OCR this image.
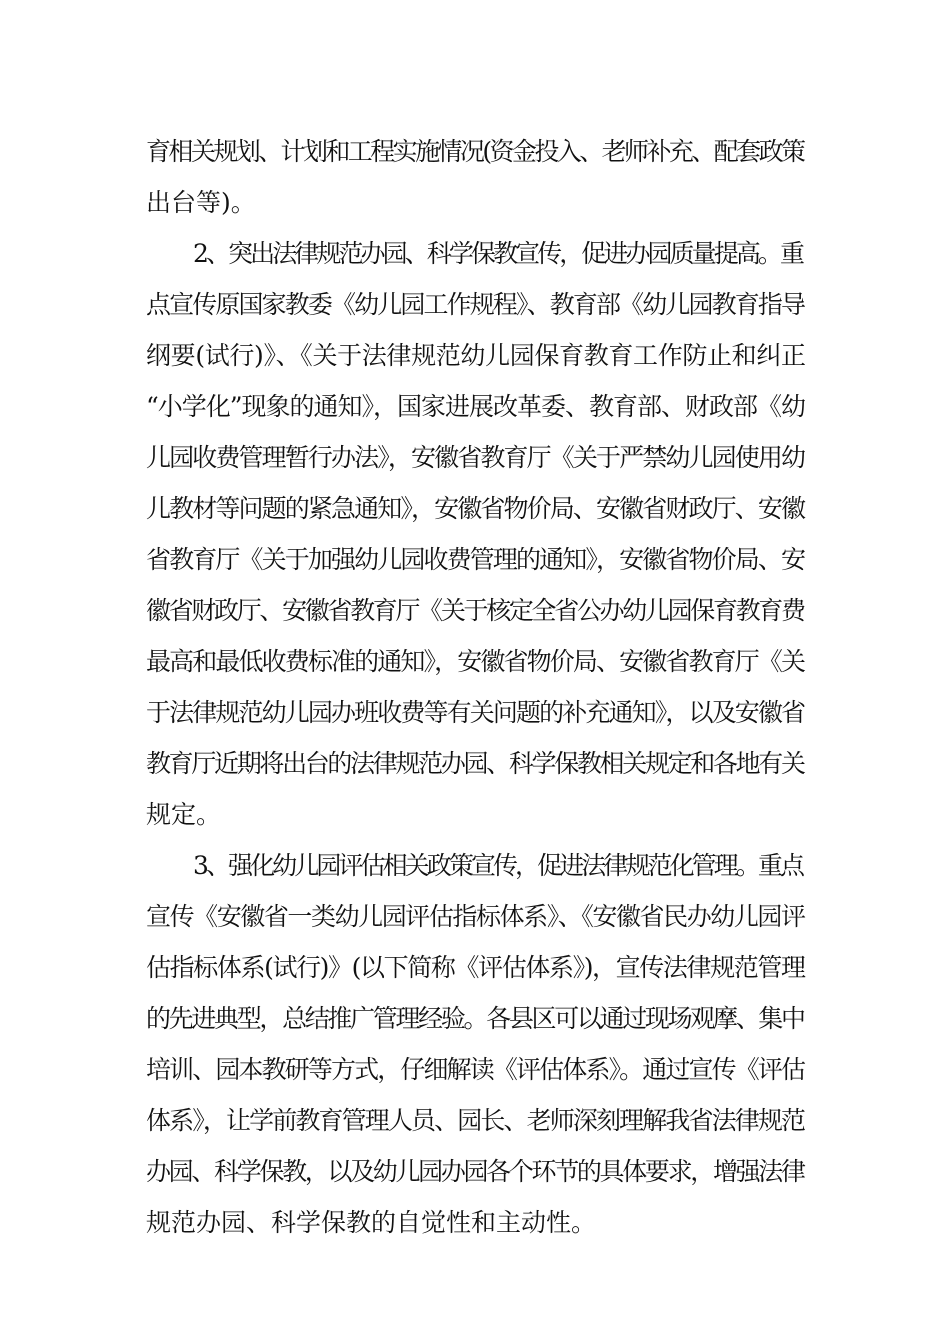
育相关规划、计划和工程实施情况(资金投入、老师补充、配套政策
出台等)。
2、突出法律规范办园、科学保教宣传，促进办园质量提高。重
点宣传原国家教委《幼儿园工作规程》、教育部《幼儿园教育指导
纲要(试行)》、《关于法律规范幼儿园保育教育工作防止和纠正
“小学化”现象的通知》，国家进展改革委、教育部、财政部《幼
儿园收费管理暂行办法》，安徽省教育厅《关于严禁幼儿园使用幼
儿教材等问题的紧急通知》，安徽省物价局、安徽省财政厅、安徽
省教育厅《关于加强幼儿园收费管理的通知》，安徽省物价局、安
徽省财政厅、安徽省教育厅《关于核定全省公办幼儿园保育教育费
最高和最低收费标准的通知》，安徽省物价局、安徽省教育厅《关
于法律规范幼儿园办班收费等有关问题的补充通知》，以及安徽省
教育厅近期将出台的法律规范办园、科学保教相关规定和各地有关
规定。
3、强化幼儿园评估相关政策宣传，促进法律规范化管理。重点
宣传《安徽省一类幼儿园评估指标体系》、《安徽省民办幼儿园评
估指标体系(试行)》(以下简称《评估体系》)，宣传法律规范管理
的先进典型，总结推广管理经验。各县区可以通过现场观摩、集中
培训、园本教研等方式，仔细解读《评估体系》。通过宣传《评估
体系》，让学前教育管理人员、园长、老师深刻理解我省法律规范
办园、科学保教，以及幼儿园办园各个环节的具体要求，增强法律
规范办园、科学保教的自觉性和主动性。
